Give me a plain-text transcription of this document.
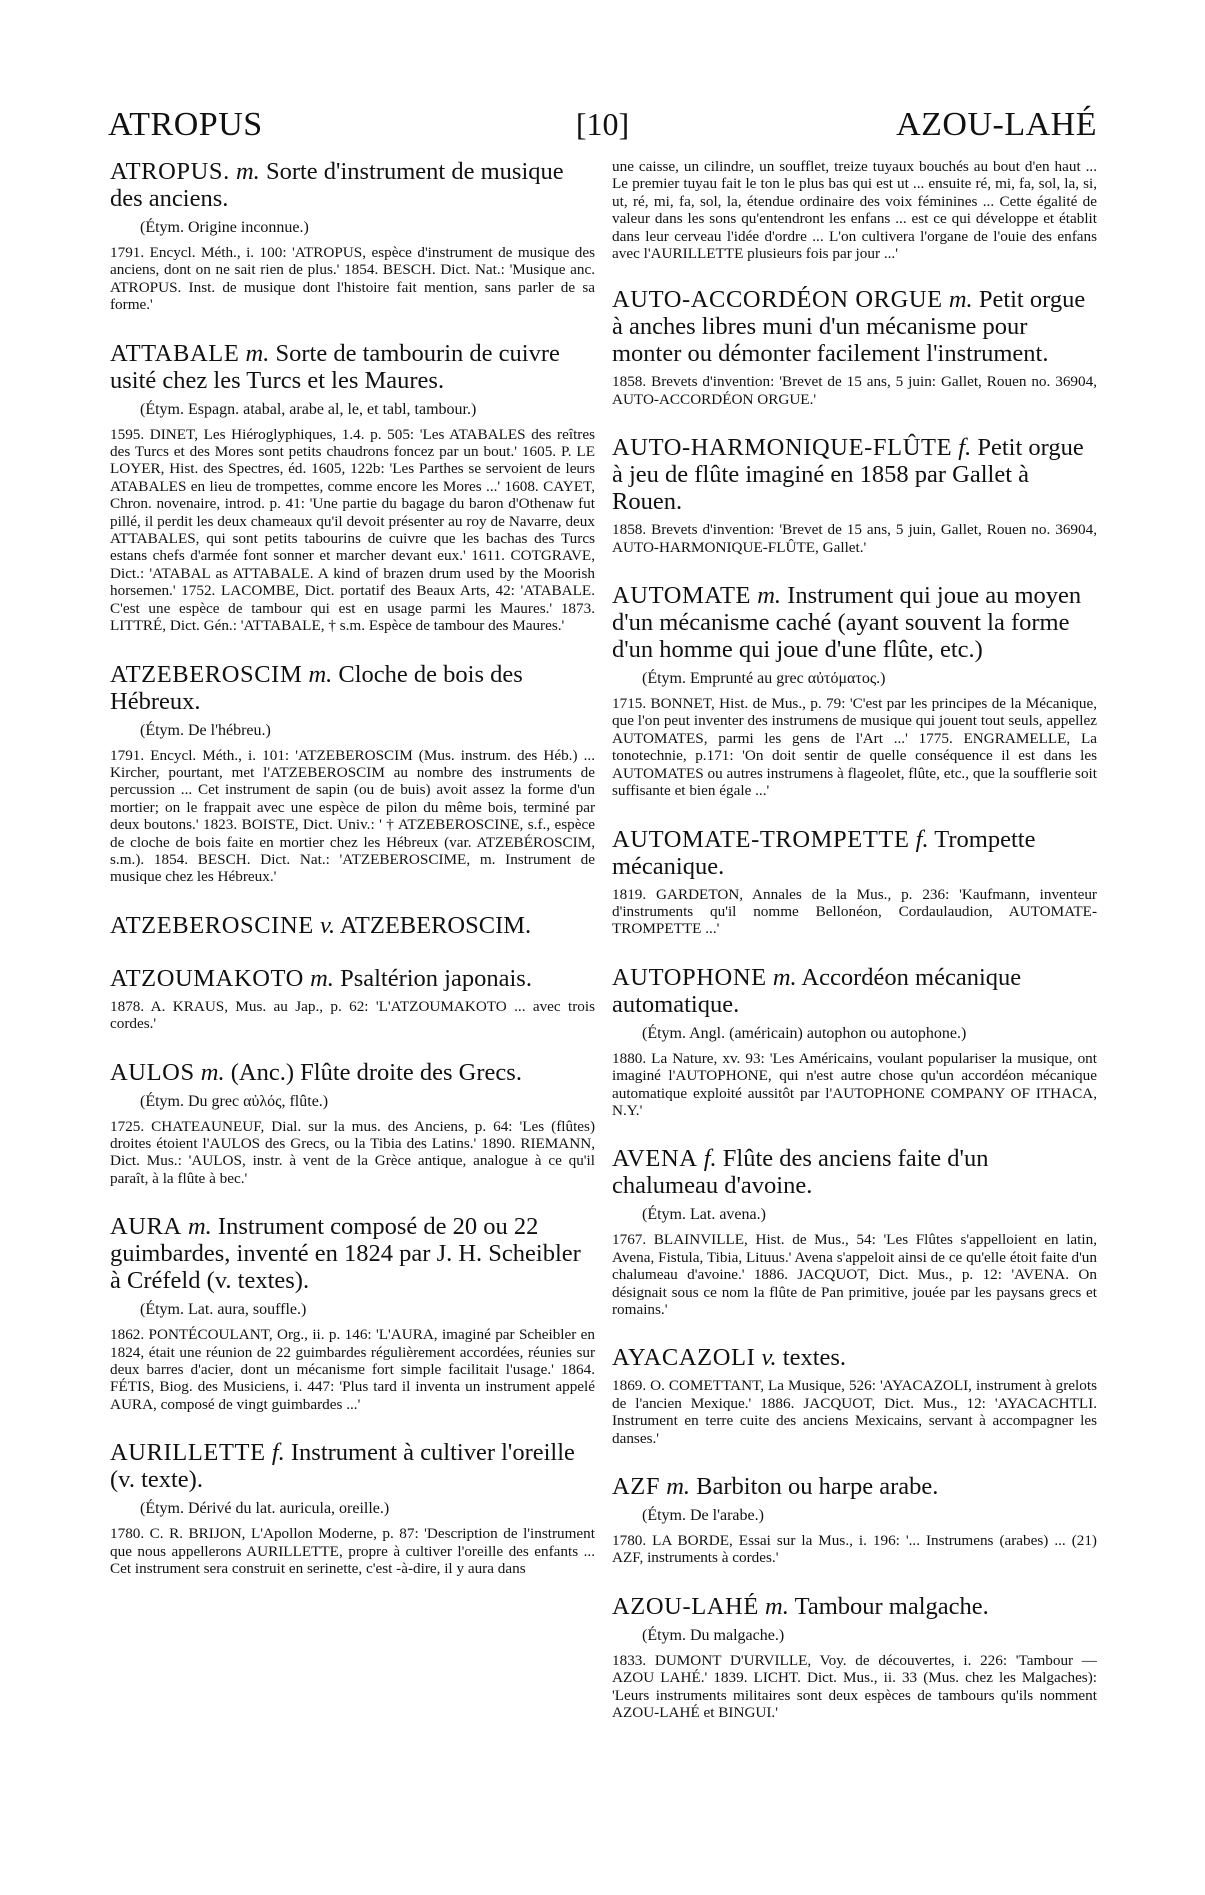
ATROPUS	[10]	AZOU-LAHÉ

ATROPUS. m. Sorte d'instrument de musique des anciens.

(Étym. Origine inconnue.)

1791. Encycl. Méth., i. 100: 'ATROPUS, espèce d'instrument de musique des anciens, dont on ne sait rien de plus.' 1854. BESCH. Dict. Nat.: 'Musique anc. ATROPUS. Inst. de musique dont l'histoire fait mention, sans parler de sa forme.'

ATTABALE m. Sorte de tambourin de cuivre usité chez les Turcs et les Maures.

(Étym. Espagn. atabal, arabe al, le, et tabl, tambour.)

1595. DINET, Les Hiéroglyphiques, 1.4. p. 505: 'Les ATABALES des reîtres des Turcs et des Mores sont petits chaudrons foncez par un bout.' 1605. P. LE LOYER, Hist. des Spectres, éd. 1605, 122b: 'Les Parthes se servoient de leurs ATABALES en lieu de trompettes, comme encore les Mores ...' 1608. CAYET, Chron. novenaire, introd. p. 41: 'Une partie du bagage du baron d'Othenaw fut pillé, il perdit les deux chameaux qu'il devoit présenter au roy de Navarre, deux ATTABALES, qui sont petits tabourins de cuivre que les bachas des Turcs estans chefs d'armée font sonner et marcher devant eux.' 1611. COTGRAVE, Dict.: 'ATABAL as ATTABALE. A kind of brazen drum used by the Moorish horsemen.' 1752. LACOMBE, Dict. portatif des Beaux Arts, 42: 'ATABALE. C'est une espèce de tambour qui est en usage parmi les Maures.' 1873. LITTRÉ, Dict. Gén.: 'ATTABALE, † s.m. Espèce de tambour des Maures.'

ATZEBEROSCIM m. Cloche de bois des Hébreux.

(Étym. De l'hébreu.)

1791. Encycl. Méth., i. 101: 'ATZEBEROSCIM (Mus. instrum. des Héb.) ... Kircher, pourtant, met l'ATZEBEROSCIM au nombre des instruments de percussion ... Cet instrument de sapin (ou de buis) avoit assez la forme d'un mortier; on le frappait avec une espèce de pilon du même bois, terminé par deux boutons.' 1823. BOISTE, Dict. Univ.: ' † ATZEBEROSCINE, s.f., espèce de cloche de bois faite en mortier chez les Hébreux (var. ATZEBÉROSCIM, s.m.). 1854. BESCH. Dict. Nat.: 'ATZEBEROSCIME, m. Instrument de musique chez les Hébreux.'

ATZEBEROSCINE v. ATZEBEROSCIM.

ATZOUMAKOTO m. Psaltérion japonais.

1878. A. KRAUS, Mus. au Jap., p. 62: 'L'ATZOUMAKOTO ... avec trois cordes.'

AULOS m. (Anc.) Flûte droite des Grecs.

(Étym. Du grec αὐλός, flûte.)

1725. CHATEAUNEUF, Dial. sur la mus. des Anciens, p. 64: 'Les (flûtes) droites étoient l'AULOS des Grecs, ou la Tibia des Latins.' 1890. RIEMANN, Dict. Mus.: 'AULOS, instr. à vent de la Grèce antique, analogue à ce qu'il paraît, à la flûte à bec.'

AURA m. Instrument composé de 20 ou 22 guimbardes, inventé en 1824 par J. H. Scheibler à Créfeld (v. textes).

(Étym. Lat. aura, souffle.)

1862. PONTÉCOULANT, Org., ii. p. 146: 'L'AURA, imaginé par Scheibler en 1824, était une réunion de 22 guimbardes régulièrement accordées, réunies sur deux barres d'acier, dont un mécanisme fort simple facilitait l'usage.' 1864. FÉTIS, Biog. des Musiciens, i. 447: 'Plus tard il inventa un instrument appelé AURA, composé de vingt guimbardes ...'

AURILLETTE f. Instrument à cultiver l'oreille (v. texte).

(Étym. Dérivé du lat. auricula, oreille.)

1780. C. R. BRIJON, L'Apollon Moderne, p. 87: 'Description de l'instrument que nous appellerons AURILLETTE, propre à cultiver l'oreille des enfants ... Cet instrument sera construit en serinette, c'est -à-dire, il y aura dans

une caisse, un cilindre, un soufflet, treize tuyaux bouchés au bout d'en haut ... Le premier tuyau fait le ton le plus bas qui est ut ... ensuite ré, mi, fa, sol, la, si, ut, ré, mi, fa, sol, la, étendue ordinaire des voix féminines ... Cette égalité de valeur dans les sons qu'entendront les enfans ... est ce qui développe et établit dans leur cerveau l'idée d'ordre ... L'on cultivera l'organe de l'ouie des enfans avec l'AURILLETTE plusieurs fois par jour ...'

AUTO-ACCORDÉON ORGUE m. Petit orgue à anches libres muni d'un mécanisme pour monter ou démonter facilement l'instrument.

1858. Brevets d'invention: 'Brevet de 15 ans, 5 juin: Gallet, Rouen no. 36904, AUTO-ACCORDÉON ORGUE.'

AUTO-HARMONIQUE-FLÛTE f. Petit orgue à jeu de flûte imaginé en 1858 par Gallet à Rouen.

1858. Brevets d'invention: 'Brevet de 15 ans, 5 juin, Gallet, Rouen no. 36904, AUTO-HARMONIQUE-FLÛTE, Gallet.'

AUTOMATE m. Instrument qui joue au moyen d'un mécanisme caché (ayant souvent la forme d'un homme qui joue d'une flûte, etc.)

(Étym. Emprunté au grec αὐτόματος.)

1715. BONNET, Hist. de Mus., p. 79: 'C'est par les principes de la Mécanique, que l'on peut inventer des instrumens de musique qui jouent tout seuls, appellez AUTOMATES, parmi les gens de l'Art ...' 1775. ENGRAMELLE, La tonotechnie, p.171: 'On doit sentir de quelle conséquence il est dans les AUTOMATES ou autres instrumens à flageolet, flûte, etc., que la soufflerie soit suffisante et bien égale ...'

AUTOMATE-TROMPETTE f. Trompette mécanique.

1819. GARDETON, Annales de la Mus., p. 236: 'Kaufmann, inventeur d'instruments qu'il nomme Bellonéon, Cordaulaudion, AUTOMATE-TROMPETTE ...'

AUTOPHONE m. Accordéon mécanique automatique.

(Étym. Angl. (américain) autophon ou autophone.)

1880. La Nature, xv. 93: 'Les Américains, voulant populariser la musique, ont imaginé l'AUTOPHONE, qui n'est autre chose qu'un accordéon mécanique automatique exploité aussitôt par l'AUTOPHONE COMPANY OF ITHACA, N.Y.'

AVENA f. Flûte des anciens faite d'un chalumeau d'avoine.

(Étym. Lat. avena.)

1767. BLAINVILLE, Hist. de Mus., 54: 'Les Flûtes s'appelloient en latin, Avena, Fistula, Tibia, Lituus.' Avena s'appeloit ainsi de ce qu'elle étoit faite d'un chalumeau d'avoine.' 1886. JACQUOT, Dict. Mus., p. 12: 'AVENA. On désignait sous ce nom la flûte de Pan primitive, jouée par les paysans grecs et romains.'

AYACAZOLI v. textes.

1869. O. COMETTANT, La Musique, 526: 'AYACAZOLI, instrument à grelots de l'ancien Mexique.' 1886. JACQUOT, Dict. Mus., 12: 'AYACACHTLI. Instrument en terre cuite des anciens Mexicains, servant à accompagner les danses.'

AZF m. Barbiton ou harpe arabe.

(Étym. De l'arabe.)

1780. LA BORDE, Essai sur la Mus., i. 196: '... Instrumens (arabes) ... (21) AZF, instruments à cordes.'

AZOU-LAHÉ m. Tambour malgache.

(Étym. Du malgache.)

1833. DUMONT D'URVILLE, Voy. de découvertes, i. 226: 'Tambour — AZOU LAHÉ.' 1839. LICHT. Dict. Mus., ii. 33 (Mus. chez les Malgaches): 'Leurs instruments militaires sont deux espèces de tambours qu'ils nomment AZOU-LAHÉ et BINGUI.'
